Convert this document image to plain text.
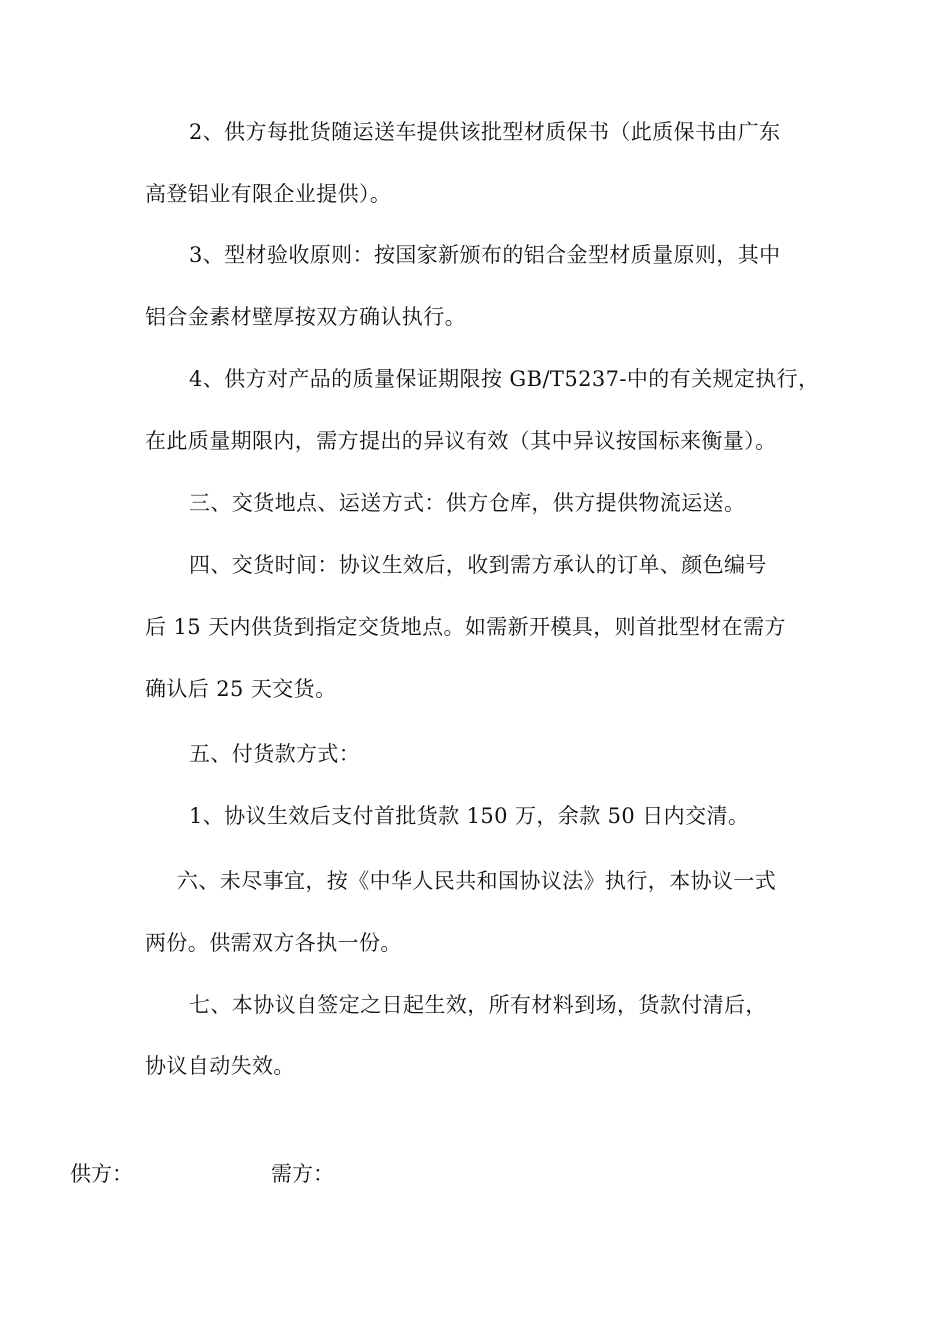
2、供方每批货随运送车提供该批型材质保书（此质保书由广东
高登铝业有限企业提供）。
3、型材验收原则：按国家新颁布的铝合金型材质量原则，其中
铝合金素材壁厚按双方确认执行。
4、供方对产品的质量保证期限按 GB/T5237-中的有关规定执行，
在此质量期限内，需方提出的异议有效（其中异议按国标来衡量）。
三、交货地点、运送方式：供方仓库，供方提供物流运送。
四、交货时间：协议生效后，收到需方承认的订单、颜色编号
后 15 天内供货到指定交货地点。如需新开模具，则首批型材在需方
确认后 25 天交货。
五、付货款方式：
1、协议生效后支付首批货款 150 万，余款 50 日内交清。
六、未尽事宜，按《中华人民共和国协议法》执行，本协议一式
两份。供需双方各执一份。
七、本协议自签定之日起生效，所有材料到场，货款付清后，
协议自动失效。
供方：	需方：
